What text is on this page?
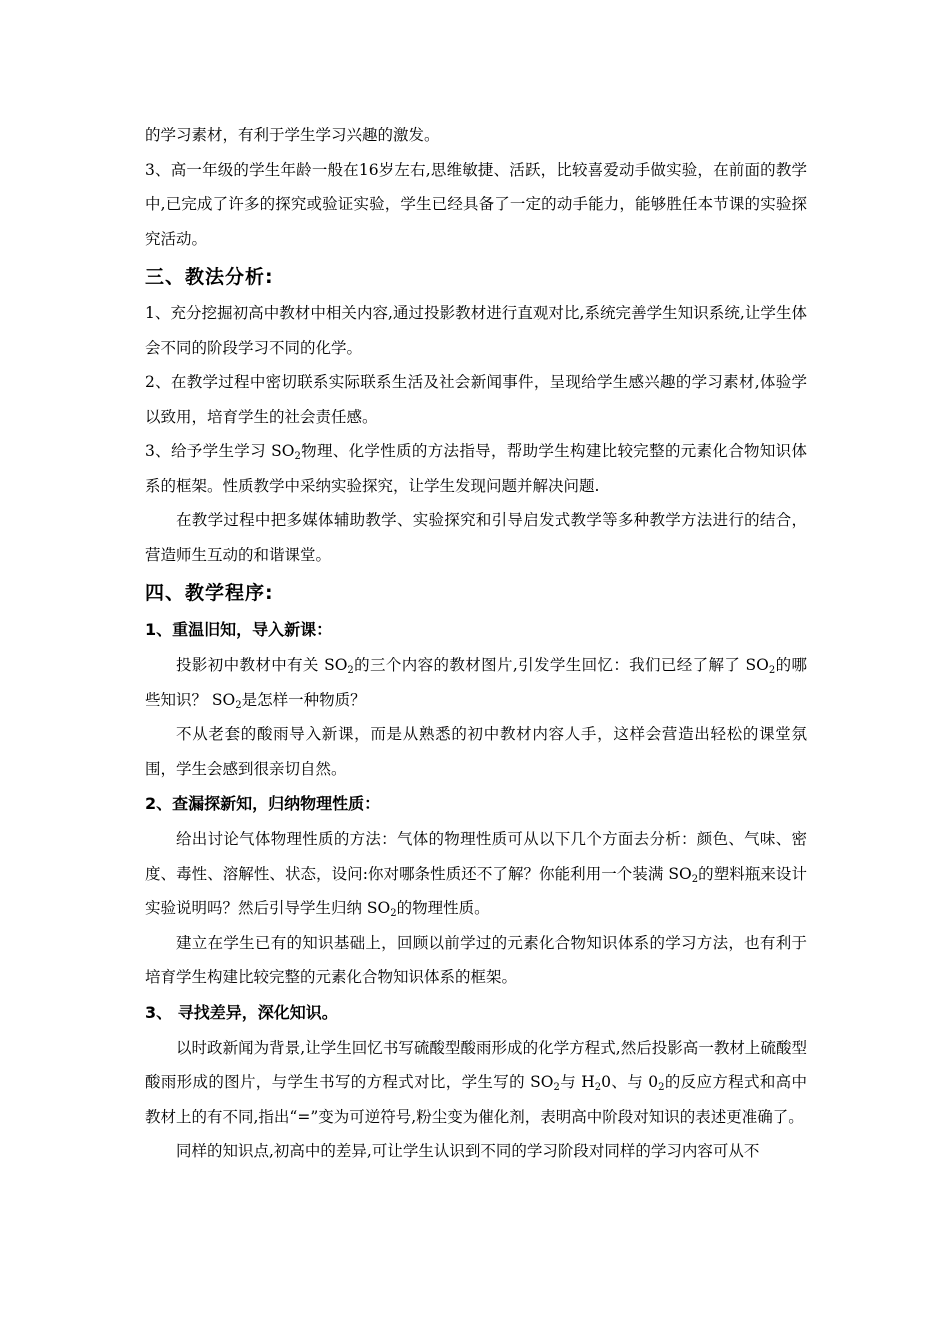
的学习素材，有利于学生学习兴趣的激发。

3、高一年级的学生年龄一般在16岁左右,思维敏捷、活跃，比较喜爱动手做实验，在前面的教学中,已完成了许多的探究或验证实验，学生已经具备了一定的动手能力，能够胜任本节课的实验探究活动。

三、教法分析:

1、充分挖掘初高中教材中相关内容,通过投影教材进行直观对比,系统完善学生知识系统,让学生体会不同的阶段学习不同的化学。

2、在教学过程中密切联系实际联系生活及社会新闻事件，呈现给学生感兴趣的学习素材,体验学以致用，培育学生的社会责任感。

3、给予学生学习 $SO_2$物理、化学性质的方法指导，帮助学生构建比较完整的元素化合物知识体系的框架。性质教学中采纳实验探究，让学生发现问题并解决问题.

在教学过程中把多媒体辅助教学、实验探究和引导启发式教学等多种教学方法进行的结合，营造师生互动的和谐课堂。

四、教学程序:
1、重温旧知，导入新课：

投影初中教材中有关 $SO_2$的三个内容的教材图片,引发学生回忆：我们已经了解了 $SO_2$的哪些知识？ $SO_2$是怎样一种物质？

不从老套的酸雨导入新课，而是从熟悉的初中教材内容人手，这样会营造出轻松的课堂氛围，学生会感到很亲切自然。

2、查漏探新知，归纳物理性质：

给出讨论气体物理性质的方法：气体的物理性质可从以下几个方面去分析：颜色、气味、密度、毒性、溶解性、状态，设问:你对哪条性质还不了解？你能利用一个装满 $SO_2$的塑料瓶来设计实验说明吗？然后引导学生归纳 $SO_2$的物理性质。

建立在学生已有的知识基础上，回顾以前学过的元素化合物知识体系的学习方法，也有利于培育学生构建比较完整的元素化合物知识体系的框架。

3、 寻找差异，深化知识。

以时政新闻为背景,让学生回忆书写硫酸型酸雨形成的化学方程式,然后投影高一教材上硫酸型酸雨形成的图片，与学生书写的方程式对比，学生写的 $SO_2$与 $H_20$、与 $0_2$的反应方程式和高中教材上的有不同,指出“=”变为可逆符号,粉尘变为催化剂，表明高中阶段对知识的表述更准确了。

同样的知识点,初高中的差异,可让学生认识到不同的学习阶段对同样的学习内容可从不
